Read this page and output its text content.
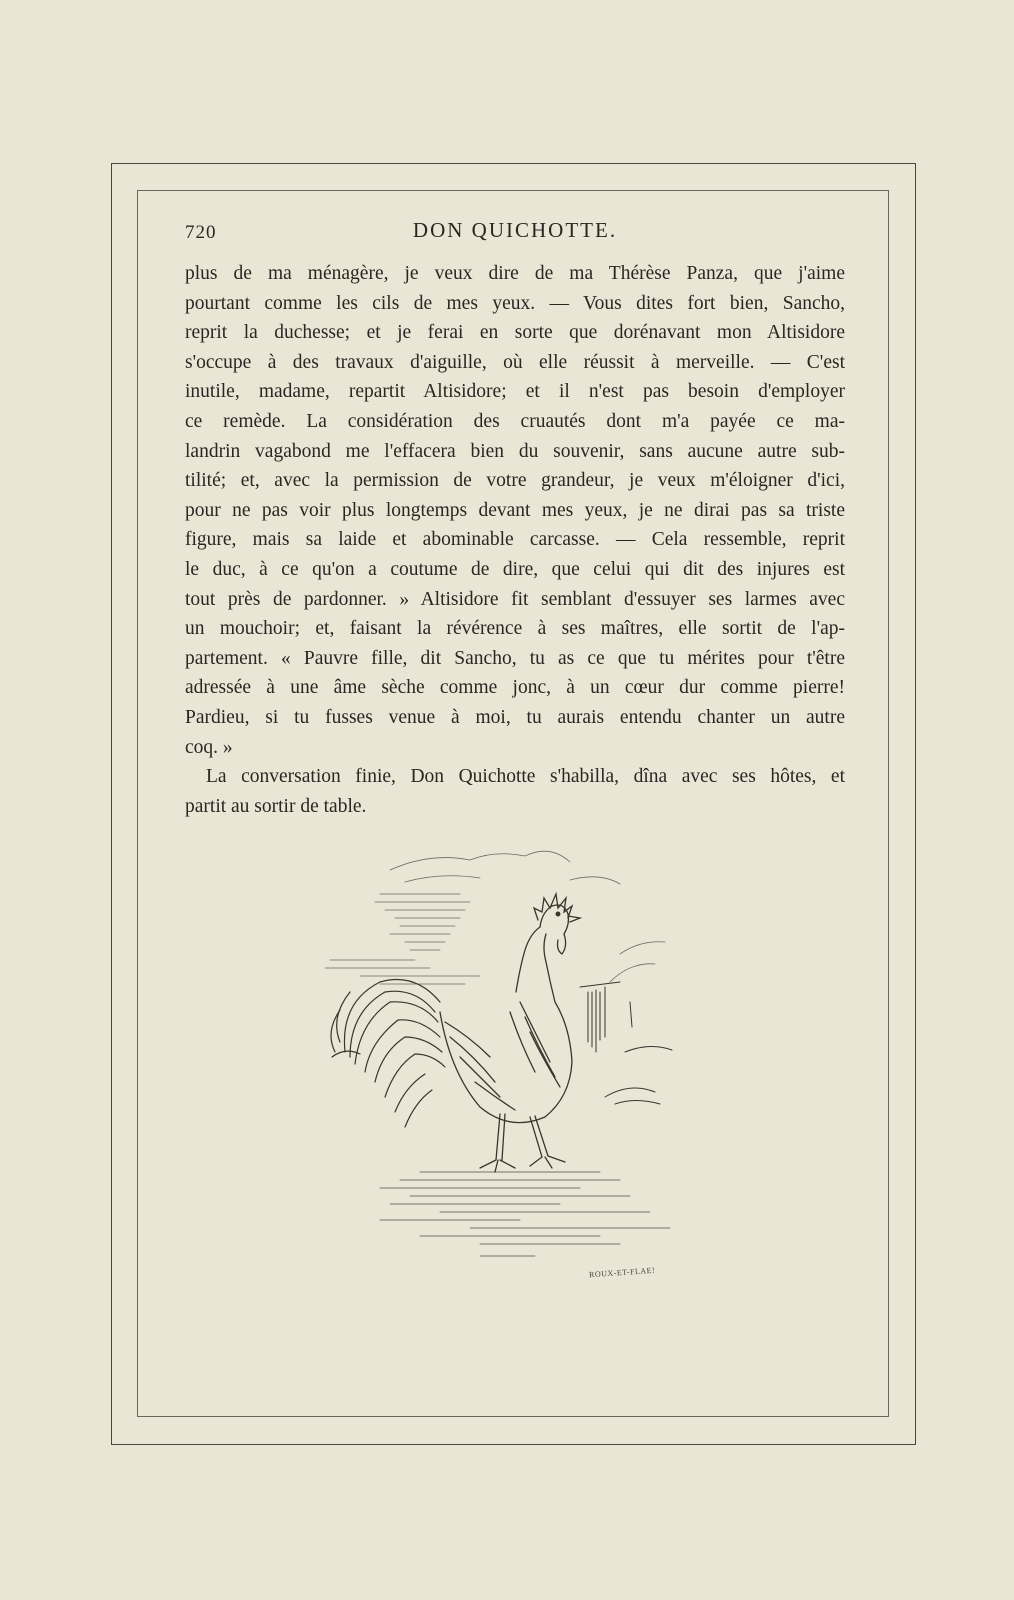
720	DON QUICHOTTE.
plus de ma ménagère, je veux dire de ma Thérèse Panza, que j'aime
pourtant comme les cils de mes yeux. — Vous dites fort bien, Sancho,
reprit la duchesse; et je ferai en sorte que dorénavant mon Altisidore
s'occupe à des travaux d'aiguille, où elle réussit à merveille. — C'est
inutile, madame, repartit Altisidore; et il n'est pas besoin d'employer
ce remède. La considération des cruautés dont m'a payée ce ma-
landrin vagabond me l'effacera bien du souvenir, sans aucune autre sub-
tilité; et, avec la permission de votre grandeur, je veux m'éloigner d'ici,
pour ne pas voir plus longtemps devant mes yeux, je ne dirai pas sa triste
figure, mais sa laide et abominable carcasse. — Cela ressemble, reprit
le duc, à ce qu'on a coutume de dire, que celui qui dit des injures est
tout près de pardonner. » Altisidore fit semblant d'essuyer ses larmes avec
un mouchoir; et, faisant la révérence à ses maîtres, elle sortit de l'ap-
partement. « Pauvre fille, dit Sancho, tu as ce que tu mérites pour t'être
adressée à une âme sèche comme jonc, à un cœur dur comme pierre!
Pardieu, si tu fusses venue à moi, tu aurais entendu chanter un autre
coq. »
La conversation finie, Don Quichotte s'habilla, dîna avec ses hôtes, et
partit au sortir de table.
ROUX-ET-FLAE!
